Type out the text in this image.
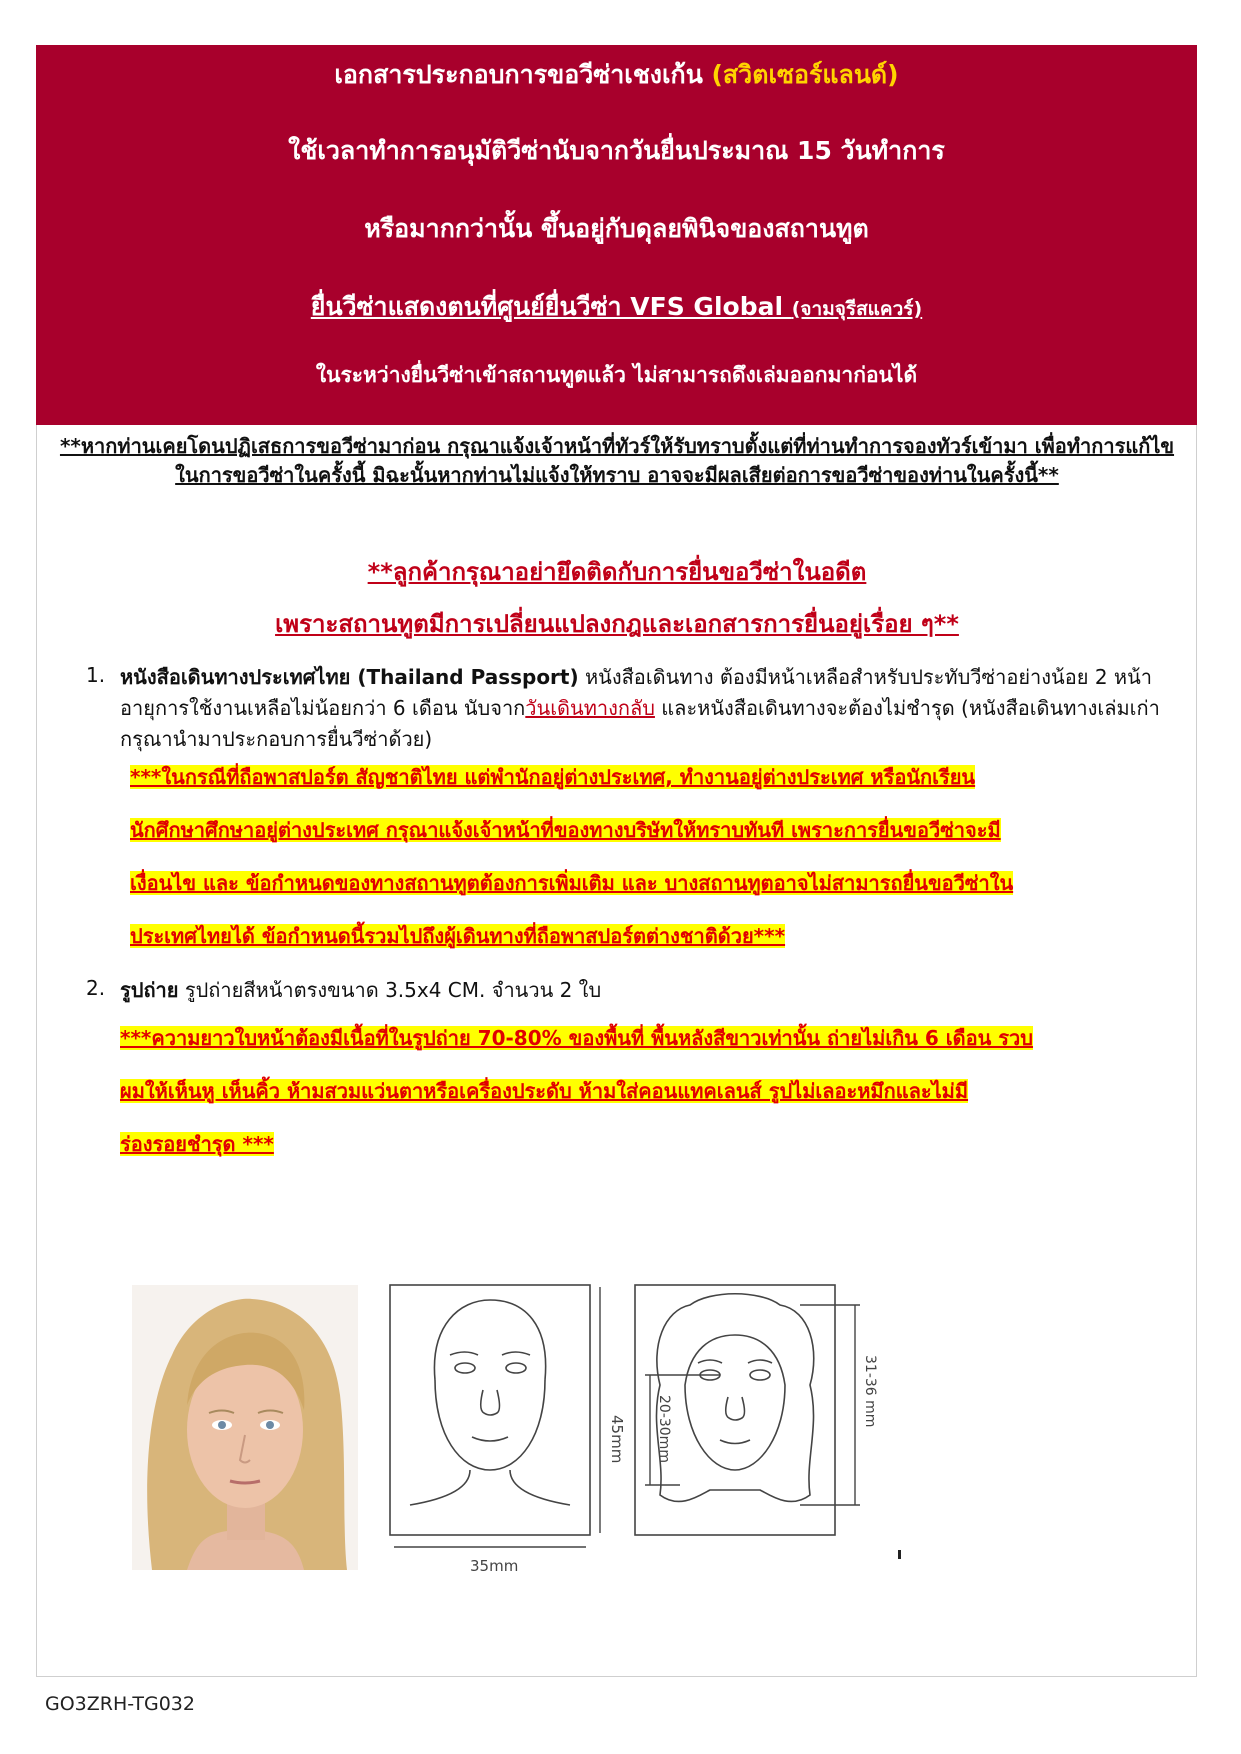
เอกสารประกอบการขอวีซ่าเชงเก้น (สวิตเซอร์แลนด์)
ใช้เวลาทำการอนุมัติวีซ่านับจากวันยื่นประมาณ 15 วันทำการ
หรือมากกว่านั้น ขึ้นอยู่กับดุลยพินิจของสถานทูต
ยื่นวีซ่าแสดงตนที่ศูนย์ยื่นวีซ่า VFS Global (จามจุรีสแควร์)
ในระหว่างยื่นวีซ่าเข้าสถานทูตแล้ว ไม่สามารถดึงเล่มออกมาก่อนได้
**หากท่านเคยโดนปฏิเสธการขอวีซ่ามาก่อน กรุณาแจ้งเจ้าหน้าที่ทัวร์ให้รับทราบตั้งแต่ที่ท่านทำการจองทัวร์เข้ามา เพื่อทำการแก้ไขในการขอวีซ่าในครั้งนี้ มิฉะนั้นหากท่านไม่แจ้งให้ทราบ อาจจะมีผลเสียต่อการขอวีซ่าของท่านในครั้งนี้**
**ลูกค้ากรุณาอย่ายึดติดกับการยื่นขอวีซ่าในอดีต
เพราะสถานทูตมีการเปลี่ยนแปลงกฎและเอกสารการยื่นอยู่เรื่อย ๆ**
1. หนังสือเดินทางประเทศไทย (Thailand Passport) หนังสือเดินทาง ต้องมีหน้าเหลือสำหรับประทับวีซ่าอย่างน้อย 2 หน้า อายุการใช้งานเหลือไม่น้อยกว่า 6 เดือน นับจากวันเดินทางกลับ และหนังสือเดินทางจะต้องไม่ชำรุด (หนังสือเดินทางเล่มเก่า กรุณานำมาประกอบการยื่นวีซ่าด้วย)
***ในกรณีที่ถือพาสปอร์ต สัญชาติไทย แต่พำนักอยู่ต่างประเทศ, ทำงานอยู่ต่างประเทศ หรือนักเรียน
นักศึกษาศึกษาอยู่ต่างประเทศ กรุณาแจ้งเจ้าหน้าที่ของทางบริษัทให้ทราบทันที เพราะการยื่นขอวีซ่าจะมี
เงื่อนไข และ ข้อกำหนดของทางสถานทูตต้องการเพิ่มเติม และ บางสถานทูตอาจไม่สามารถยื่นขอวีซ่าใน
ประเทศไทยได้ ข้อกำหนดนี้รวมไปถึงผู้เดินทางที่ถือพาสปอร์ตต่างชาติด้วย***
2. รูปถ่าย รูปถ่ายสีหน้าตรงขนาด 3.5x4 CM. จำนวน 2 ใบ
***ความยาวใบหน้าต้องมีเนื้อที่ในรูปถ่าย 70-80% ของพื้นที่ พื้นหลังสีขาวเท่านั้น ถ่ายไม่เกิน 6 เดือน รวบ
ผมให้เห็นหู เห็นคิ้ว ห้ามสวมแว่นตาหรือเครื่องประดับ ห้ามใส่คอนแทคเลนส์ รูปไม่เลอะหมึกและไม่มี
ร่องรอยชำรุด ***
45mm
35mm
20-30mm
31-36 mm
GO3ZRH-TG032
